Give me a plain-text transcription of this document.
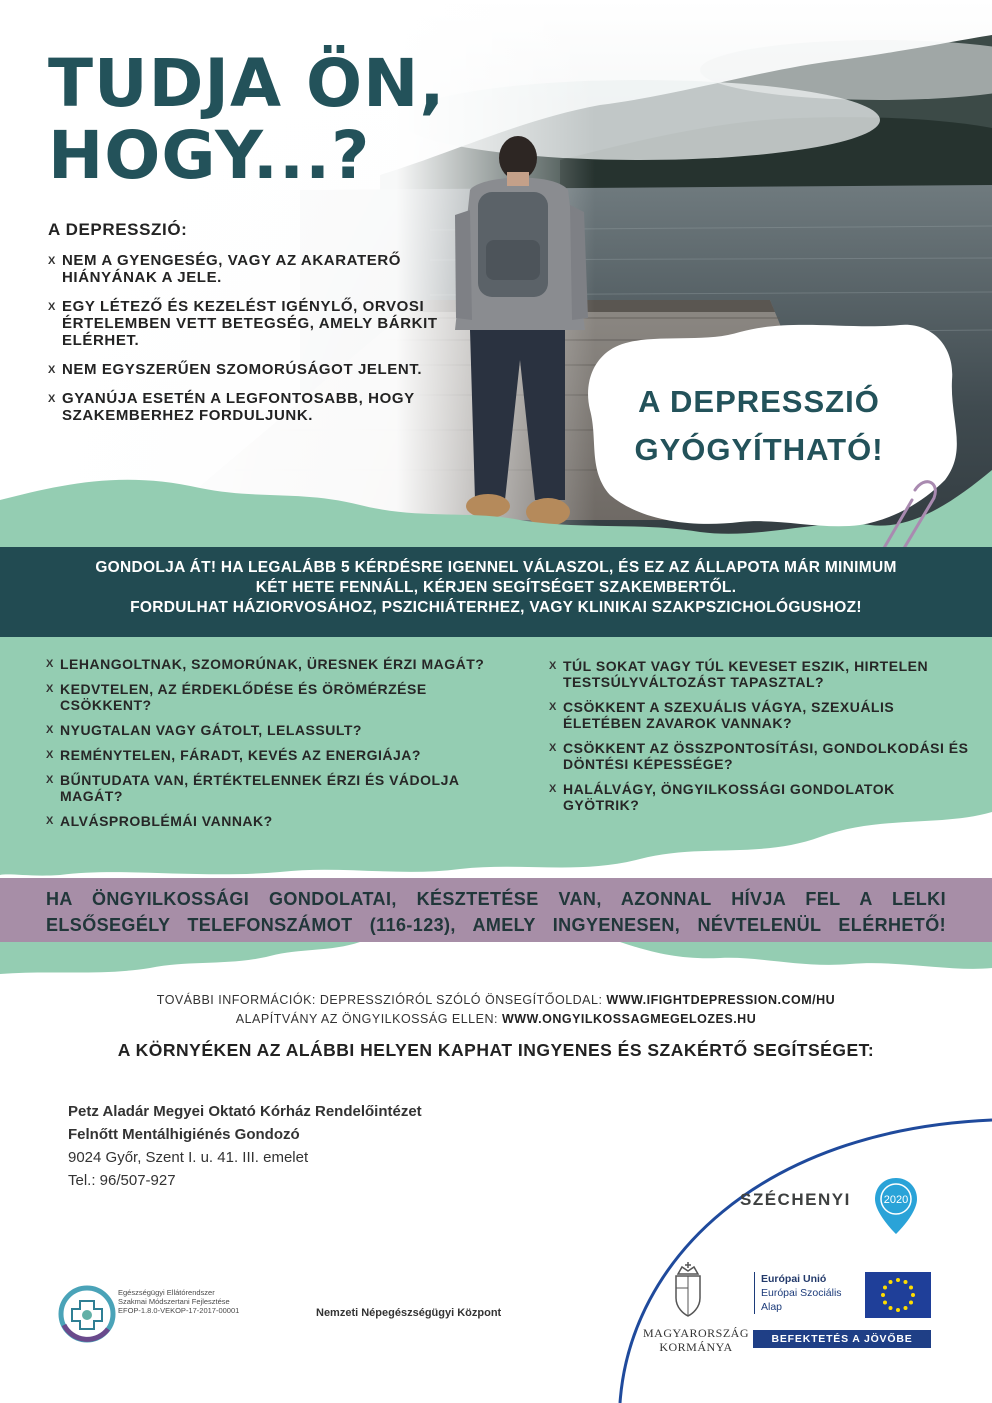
TUDJA ÖN,
HOGY...?
A DEPRESSZIÓ:
X NEM A GYENGESÉG, VAGY AZ AKARATERŐ HIÁNYÁNAK A JELE.
X EGY LÉTEZŐ ÉS KEZELÉST IGÉNYLŐ, ORVOSI ÉRTELEMBEN VETT BETEGSÉG, AMELY BÁRKIT ELÉRHET.
X NEM EGYSZERŰEN SZOMORÚSÁGOT JELENT.
X GYANÚJA ESETÉN A LEGFONTOSABB, HOGY SZAKEMBERHEZ FORDULJUNK.	A DEPRESSZIÓ
GYÓGYÍTHATÓ!
GONDOLJA ÁT! HA LEGALÁBB 5 KÉRDÉSRE IGENNEL VÁLASZOL, ÉS EZ AZ ÁLLAPOTA MÁR MINIMUM
KÉT HETE FENNÁLL, KÉRJEN SEGÍTSÉGET SZAKEMBERTŐL.
FORDULHAT HÁZIORVOSÁHOZ, PSZICHIÁTERHEZ, VAGY KLINIKAI SZAKPSZICHOLÓGUSHOZ!
X LEHANGOLTNAK, SZOMORÚNAK, ÜRESNEK ÉRZI MAGÁT?
X KEDVTELEN, AZ ÉRDEKLŐDÉSE ÉS ÖRÖMÉRZÉSE CSÖKKENT?
X NYUGTALAN VAGY GÁTOLT, LELASSULT?
X REMÉNYTELEN, FÁRADT, KEVÉS AZ ENERGIÁJA?
X BŰNTUDATA VAN, ÉRTÉKTELENNEK ÉRZI ÉS VÁDOLJA MAGÁT?
X ALVÁSPROBLÉMÁI VANNAK?
X TÚL SOKAT VAGY TÚL KEVESET ESZIK, HIRTELEN TESTSÚLYVÁLTOZÁST TAPASZTAL?
X CSÖKKENT A SZEXUÁLIS VÁGYA, SZEXUÁLIS ÉLETÉBEN ZAVAROK VANNAK?
X CSÖKKENT AZ ÖSSZPONTOSÍTÁSI, GONDOLKODÁSI ÉS DÖNTÉSI KÉPESSÉGE?
X HALÁLVÁGY, ÖNGYILKOSSÁGI GONDOLATOK GYÖTRIK?
HA ÖNGYILKOSSÁGI GONDOLATAI, KÉSZTETÉSE VAN, AZONNAL HÍVJA FEL A LELKI
ELSŐSEGÉLY TELEFONSZÁMOT (116-123), AMELY INGYENESEN, NÉVTELENÜL ELÉRHETŐ!
TOVÁBBI INFORMÁCIÓK: DEPRESSZIÓRÓL SZÓLÓ ÖNSEGÍTŐOLDAL: WWW.IFIGHTDEPRESSION.COM/HU
ALAPÍTVÁNY AZ ÖNGYILKOSSÁG ELLEN: WWW.ONGYILKOSSAGMEGELOZES.HU
A KÖRNYÉKEN AZ ALÁBBI HELYEN KAPHAT INGYENES ÉS SZAKÉRTŐ SEGÍTSÉGET:
Petz Aladár Megyei Oktató Kórház Rendelőintézet
Felnőtt Mentálhigiénés Gondozó
9024 Győr, Szent I. u. 41. III. emelet
Tel.: 96/507-927
Egészségügyi Ellátórendszer
Szakmai Módszertani Fejlesztése
EFOP-1.8.0-VEKOP-17-2017-00001	Nemzeti Népegészségügyi Központ
SZÉCHENYI	2020
MAGYARORSZÁG
KORMÁNYA
Európai Unió
Európai Szociális
Alap
BEFEKTETÉS A JÖVŐBE
